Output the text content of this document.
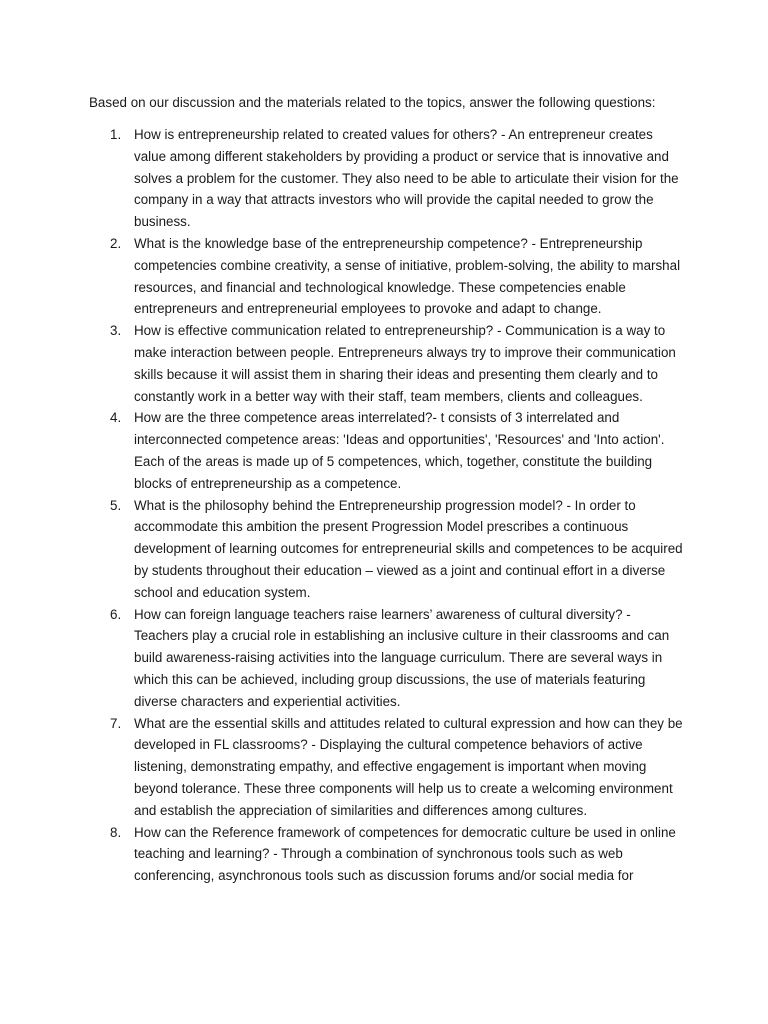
Based on our discussion and the materials related to the topics, answer the following questions:
1. How is entrepreneurship related to created values for others? - An entrepreneur creates value among different stakeholders by providing a product or service that is innovative and solves a problem for the customer. They also need to be able to articulate their vision for the company in a way that attracts investors who will provide the capital needed to grow the business.
2. What is the knowledge base of the entrepreneurship competence? - Entrepreneurship competencies combine creativity, a sense of initiative, problem-solving, the ability to marshal resources, and financial and technological knowledge. These competencies enable entrepreneurs and entrepreneurial employees to provoke and adapt to change.
3. How is effective communication related to entrepreneurship? - Communication is a way to make interaction between people. Entrepreneurs always try to improve their communication skills because it will assist them in sharing their ideas and presenting them clearly and to constantly work in a better way with their staff, team members, clients and colleagues.
4. How are the three competence areas interrelated?- t consists of 3 interrelated and interconnected competence areas: 'Ideas and opportunities', 'Resources' and 'Into action'. Each of the areas is made up of 5 competences, which, together, constitute the building blocks of entrepreneurship as a competence.
5. What is the philosophy behind the Entrepreneurship progression model? - In order to accommodate this ambition the present Progression Model prescribes a continuous development of learning outcomes for entrepreneurial skills and competences to be acquired by students throughout their education – viewed as a joint and continual effort in a diverse school and education system.
6. How can foreign language teachers raise learners’ awareness of cultural diversity? - Teachers play a crucial role in establishing an inclusive culture in their classrooms and can build awareness-raising activities into the language curriculum. There are several ways in which this can be achieved, including group discussions, the use of materials featuring diverse characters and experiential activities.
7. What are the essential skills and attitudes related to cultural expression and how can they be developed in FL classrooms? - Displaying the cultural competence behaviors of active listening, demonstrating empathy, and effective engagement is important when moving beyond tolerance. These three components will help us to create a welcoming environment and establish the appreciation of similarities and differences among cultures.
8. How can the Reference framework of competences for democratic culture be used in online teaching and learning? - Through a combination of synchronous tools such as web conferencing, asynchronous tools such as discussion forums and/or social media for
